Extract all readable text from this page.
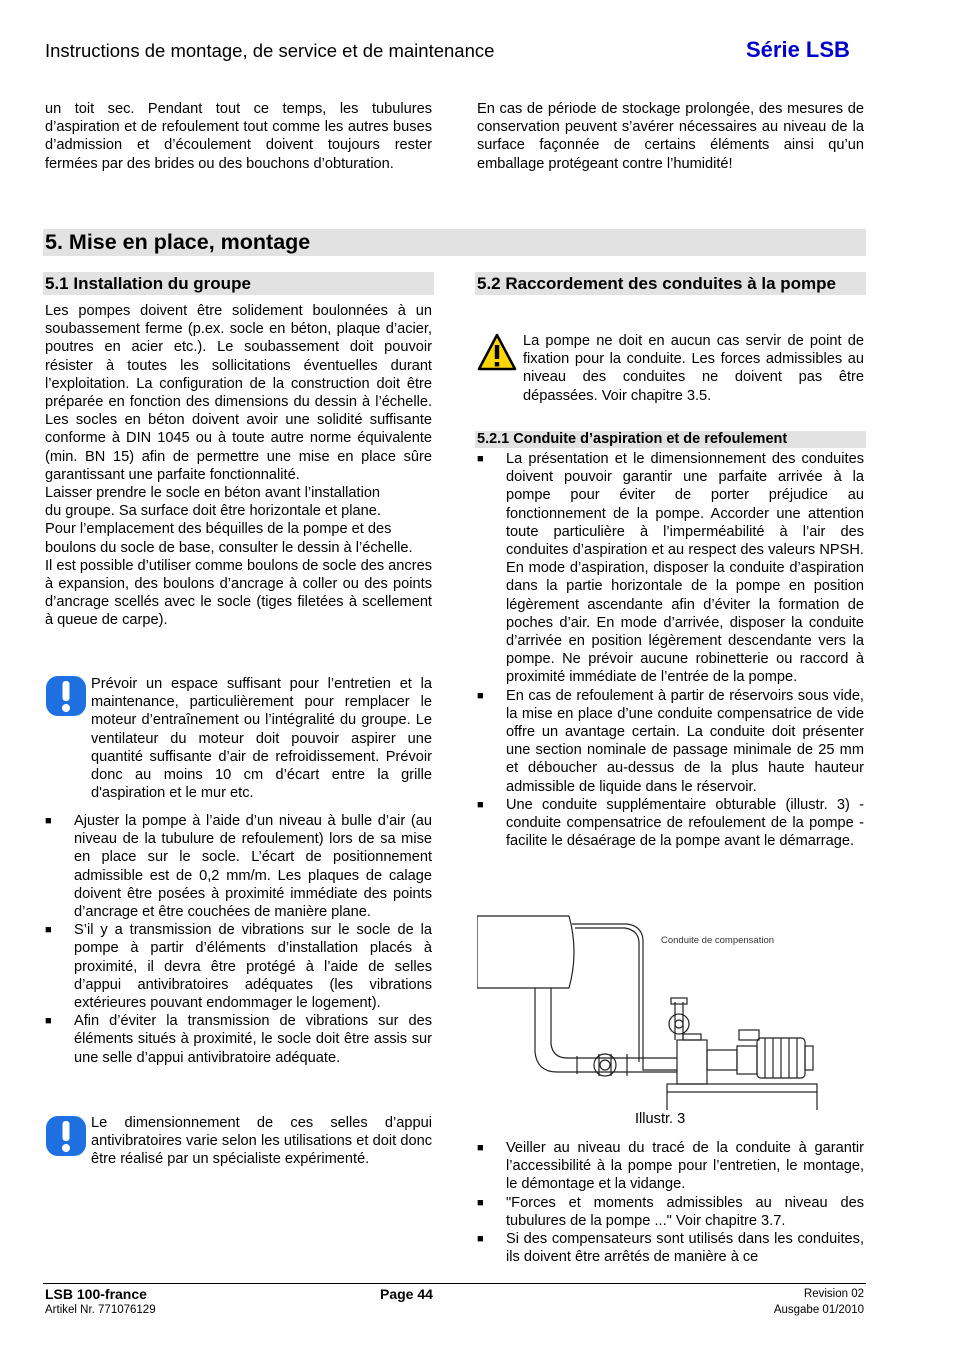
Instructions de montage, de service et de maintenance	Série LSB
un toit sec. Pendant tout ce temps, les tubulures d’aspiration et de refoulement tout comme les autres buses d’admission et d’écoulement doivent toujours rester fermées par des brides ou des bouchons d’obturation.
En cas de période de stockage prolongée, des mesures de conservation peuvent s’avérer nécessaires au niveau de la surface façonnée de certains éléments ainsi qu’un emballage protégeant contre l’humidité!
5. Mise en place, montage
5.1 Installation du groupe

Les pompes doivent être solidement boulonnées à un soubassement ferme (p.ex. socle en béton, plaque d’acier, poutres en acier etc.). Le soubassement doit pouvoir résister à toutes les sollicitations éventuelles durant l’exploitation. La configuration de la construction doit être préparée en fonction des dimensions du dessin à l’échelle. Les socles en béton doivent avoir une solidité suffisante conforme à DIN 1045 ou à toute autre norme équivalente (min. BN 15) afin de permettre une mise en place sûre garantissant une parfaite fonctionnalité.

Laisser prendre le socle en béton avant l’installation

du groupe. Sa surface doit être horizontale et plane.

Pour l’emplacement des béquilles de la pompe et des boulons du socle de base, consulter le dessin à l’échelle.

Il est possible d’utiliser comme boulons de socle des ancres à expansion, des boulons d’ancrage à coller ou des points d’ancrage scellés avec le socle (tiges filetées à scellement à queue de carpe).

Prévoir un espace suffisant pour l’entretien et la maintenance, particulièrement pour remplacer le moteur d’entraînement ou l’intégralité du groupe. Le ventilateur du moteur doit pouvoir aspirer une quantité suffisante d’air de refroidissement. Prévoir donc au moins 10 cm d’écart entre la grille d'aspiration et le mur etc.
■ Ajuster la pompe à l’aide d’un niveau à bulle d’air (au niveau de la tubulure de refoulement) lors de sa mise en place sur le socle. L’écart de positionnement admissible est de 0,2 mm/m. Les plaques de calage doivent être posées à proximité immédiate des points d’ancrage et être couchées de manière plane.

■ S’il y a transmission de vibrations sur le socle de la pompe à partir d’éléments d’installation placés à proximité, il devra être protégé à l’aide de selles d’appui antivibratoires adéquates (les vibrations extérieures pouvant endommager le logement).

■ Afin d’éviter la transmission de vibrations sur des éléments situés à proximité, le socle doit être assis sur une selle d’appui antivibratoire adéquate.

Le dimensionnement de ces selles d’appui antivibratoires varie selon les utilisations et doit donc être réalisé par un spécialiste expérimenté.
5.2 Raccordement des conduites à la pompe
La pompe ne doit en aucun cas servir de point de fixation pour la conduite. Les forces admissibles au niveau des conduites ne doivent pas être dépassées. Voir chapitre 3.5.
5.2.1 Conduite d’aspiration et de refoulement
■ La présentation et le dimensionnement des conduites doivent pouvoir garantir une parfaite arrivée à la pompe pour éviter de porter préjudice au fonctionnement de la pompe. Accorder une attention toute particulière à l’imperméabilité à l’air des conduites d’aspiration et au respect des valeurs NPSH. En mode d’aspiration, disposer la conduite d’aspiration dans la partie horizontale de la pompe en position légèrement ascendante afin d’éviter la formation de poches d’air. En mode d’arrivée, disposer la conduite d’arrivée en position légèrement descendante vers la pompe. Ne prévoir aucune robinetterie ou raccord à proximité immédiate de l’entrée de la pompe.

■ En cas de refoulement à partir de réservoirs sous vide, la mise en place d’une conduite compensatrice de vide offre un avantage certain. La conduite doit présenter une section nominale de passage minimale de 25 mm et déboucher au-dessus de la plus haute hauteur admissible de liquide dans le réservoir.

■ Une conduite supplémentaire obturable (illustr. 3) - conduite compensatrice de refoulement de la pompe - facilite le désaérage de la pompe avant le démarrage.

Conduite de compensation
Illustr. 3
■ Veiller au niveau du tracé de la conduite à garantir l’accessibilité à la pompe pour l’entretien, le montage, le démontage et la vidange.

■ "Forces et moments admissibles au niveau des tubulures de la pompe ..." Voir chapitre 3.7.

■ Si des compensateurs sont utilisés dans les conduites, ils doivent être arrêtés de manière à ce

LSB 100-france
Artikel Nr. 771076129
Page 44	Revision 02
Ausgabe 01/2010
